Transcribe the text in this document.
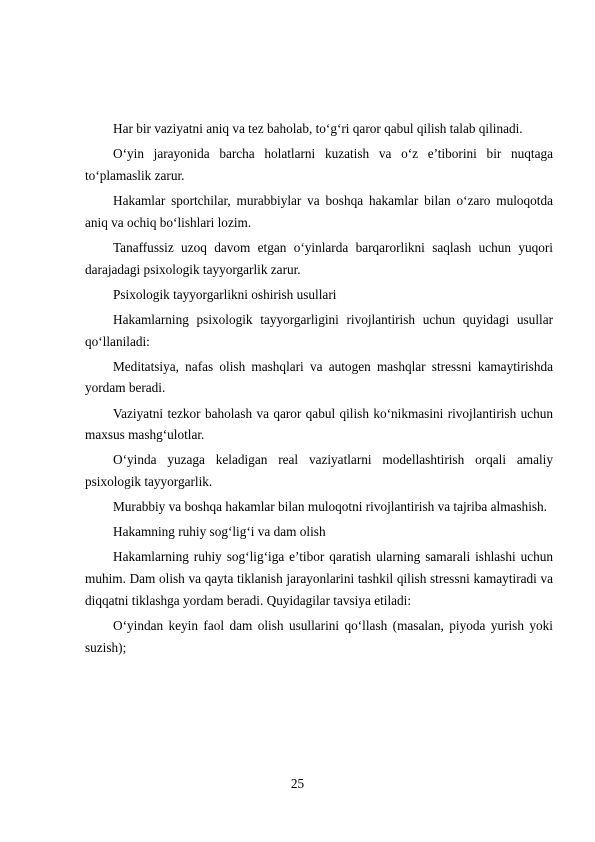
Har bir vaziyatni aniq va tez baholab, to‘g‘ri qaror qabul qilish talab qilinadi.

O‘yin jarayonida barcha holatlarni kuzatish va o‘z e’tiborini bir nuqtaga to‘plamaslik zarur.

Hakamlar sportchilar, murabbiylar va boshqa hakamlar bilan o‘zaro muloqotda aniq va ochiq bo‘lishlari lozim.

Tanaffussiz uzoq davom etgan o‘yinlarda barqarorlikni saqlash uchun yuqori darajadagi psixologik tayyorgarlik zarur.

Psixologik tayyorgarlikni oshirish usullari

Hakamlarning psixologik tayyorgarligini rivojlantirish uchun quyidagi usullar qo‘llaniladi:

Meditatsiya, nafas olish mashqlari va autogen mashqlar stressni kamaytirishda yordam beradi.

Vaziyatni tezkor baholash va qaror qabul qilish ko‘nikmasini rivojlantirish uchun maxsus mashg‘ulotlar.

O‘yinda yuzaga keladigan real vaziyatlarni modellashtirish orqali amaliy psixologik tayyorgarlik.

Murabbiy va boshqa hakamlar bilan muloqotni rivojlantirish va tajriba almashish.

Hakamning ruhiy sog‘lig‘i va dam olish

Hakamlarning ruhiy sog‘lig‘iga e’tibor qaratish ularning samarali ishlashi uchun muhim. Dam olish va qayta tiklanish jarayonlarini tashkil qilish stressni kamaytiradi va diqqatni tiklashga yordam beradi. Quyidagilar tavsiya etiladi:

O‘yindan keyin faol dam olish usullarini qo‘llash (masalan, piyoda yurish yoki suzish);

25
